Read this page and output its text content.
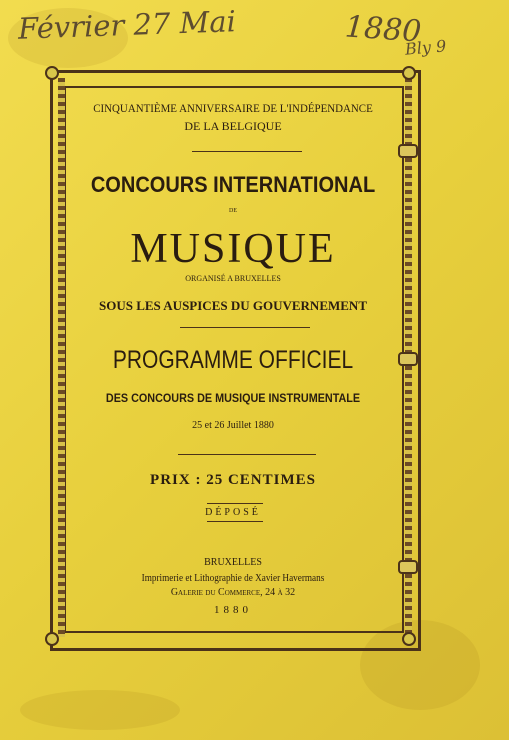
Février 27 Mai	1880
Bly 9
CINQUANTIÈME ANNIVERSAIRE DE L'INDÉPENDANCE
DE LA BELGIQUE
CONCOURS INTERNATIONAL
DE
MUSIQUE
ORGANISÉ A BRUXELLES
SOUS LES AUSPICES DU GOUVERNEMENT
PROGRAMME OFFICIEL
DES CONCOURS DE MUSIQUE INSTRUMENTALE
25 et 26 Juillet 1880
PRIX : 25 CENTIMES
DÉPOSÉ
BRUXELLES
Imprimerie et Lithographie de Xavier Havermans
Galerie du Commerce, 24 à 32
1880
